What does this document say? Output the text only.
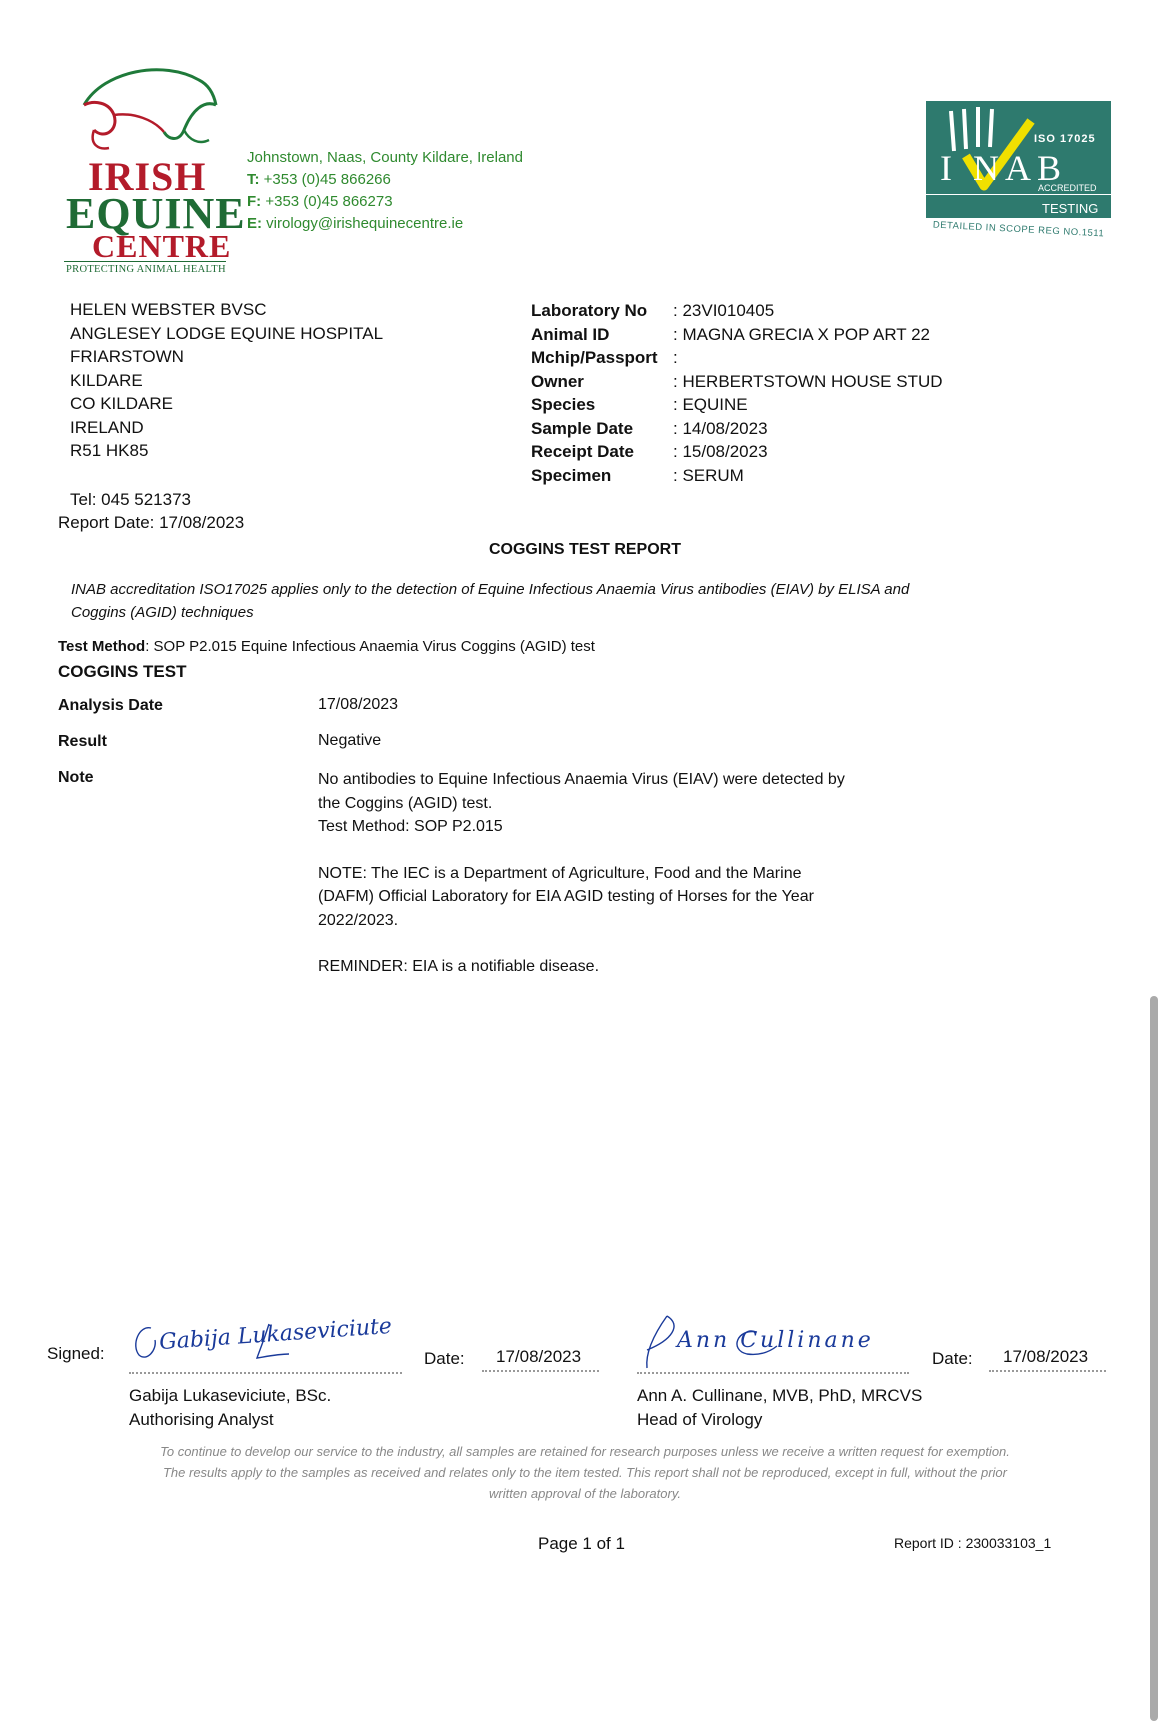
IRISH
EQUINE
CENTRE
PROTECTING ANIMAL HEALTH
Johnstown, Naas, County Kildare, Ireland
T: +353 (0)45 866266
F: +353 (0)45 866273
E: virology@irishequinecentre.ie
ISO 17025
I NAB
ACCREDITED
TESTING
DETAILED IN SCOPE REG NO.1511
HELEN WEBSTER BVSC
ANGLESEY LODGE EQUINE HOSPITAL
FRIARSTOWN
KILDARE
CO KILDARE
IRELAND
R51 HK85
Tel: 045 521373
Report Date: 17/08/2023
Laboratory No	: 23VI010405
Animal ID	: MAGNA GRECIA X POP ART 22
Mchip/Passport :
Owner	: HERBERTSTOWN HOUSE STUD
Species	: EQUINE
Sample Date	: 14/08/2023
Receipt Date	: 15/08/2023
Specimen	: SERUM
COGGINS TEST REPORT
INAB accreditation ISO17025 applies only to the detection of Equine Infectious Anaemia Virus antibodies (EIAV) by ELISA and
Coggins (AGID) techniques
Test Method: SOP P2.015 Equine Infectious Anaemia Virus Coggins (AGID) test
COGGINS TEST
Analysis Date	17/08/2023
Result	Negative
Note	No antibodies to Equine Infectious Anaemia Virus (EIAV) were detected by
the Coggins (AGID) test.
Test Method: SOP P2.015
NOTE: The IEC is a Department of Agriculture, Food and the Marine
(DAFM) Official Laboratory for EIA AGID testing of Horses for the Year
2022/2023.
REMINDER: EIA is a notifiable disease.
Signed: Gabija Lukaseviciute
Date:	17/08/2023
Ann Cullinane
Date:	17/08/2023
Gabija Lukaseviciute, BSc.
Authorising Analyst
Ann A. Cullinane, MVB, PhD, MRCVS
Head of Virology
To continue to develop our service to the industry, all samples are retained for research purposes unless we receive a written request for exemption.
The results apply to the samples as received and relates only to the item tested. This report shall not be reproduced, except in full, without the prior
written approval of the laboratory.
Page 1 of 1	Report ID : 230033103_1
